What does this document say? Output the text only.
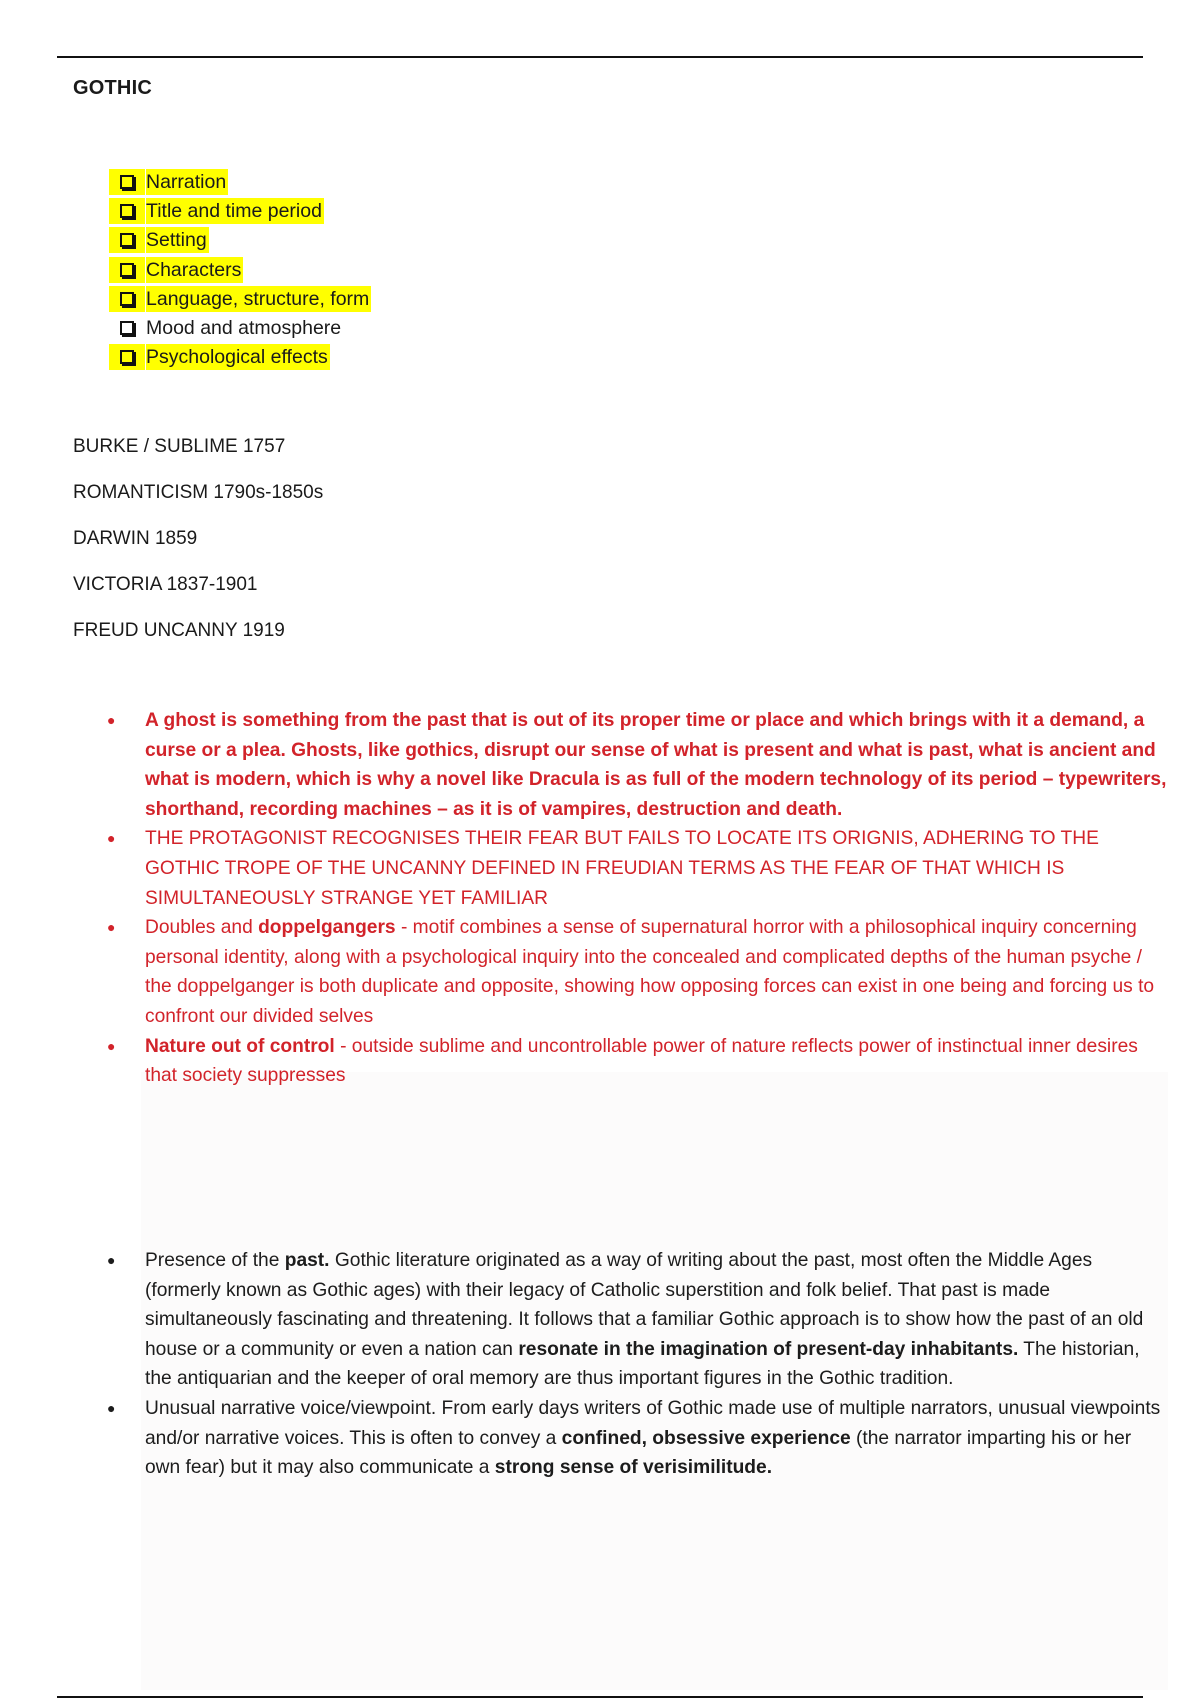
GOTHIC
Narration
Title and time period
Setting
Characters
Language, structure, form
Mood and atmosphere
Psychological effects
BURKE / SUBLIME 1757
ROMANTICISM 1790s-1850s
DARWIN 1859
VICTORIA 1837-1901
FREUD UNCANNY 1919
●	A ghost is something from the past that is out of its proper time or place and which brings with it a demand, a curse or a plea. Ghosts, like gothics, disrupt our sense of what is present and what is past, what is ancient and what is modern, which is why a novel like Dracula is as full of the modern technology of its period – typewriters, shorthand, recording machines – as it is of vampires, destruction and death.
●	THE PROTAGONIST RECOGNISES THEIR FEAR BUT FAILS TO LOCATE ITS ORIGNIS, ADHERING TO THE GOTHIC TROPE OF THE UNCANNY DEFINED IN FREUDIAN TERMS AS THE FEAR OF THAT WHICH IS SIMULTANEOUSLY STRANGE YET FAMILIAR
●	Doubles and doppelgangers - motif combines a sense of supernatural horror with a philosophical inquiry concerning personal identity, along with a psychological inquiry into the concealed and complicated depths of the human psyche / the doppelganger is both duplicate and opposite, showing how opposing forces can exist in one being and forcing us to confront our divided selves
●	Nature out of control - outside sublime and uncontrollable power of nature reflects power of instinctual inner desires that society suppresses
●	Presence of the past. Gothic literature originated as a way of writing about the past, most often the Middle Ages (formerly known as Gothic ages) with their legacy of Catholic superstition and folk belief. That past is made simultaneously fascinating and threatening. It follows that a familiar Gothic approach is to show how the past of an old house or a community or even a nation can resonate in the imagination of present-day inhabitants. The historian, the antiquarian and the keeper of oral memory are thus important figures in the Gothic tradition.
●	Unusual narrative voice/viewpoint. From early days writers of Gothic made use of multiple narrators, unusual viewpoints and/or narrative voices. This is often to convey a confined, obsessive experience (the narrator imparting his or her own fear) but it may also communicate a strong sense of verisimilitude.
